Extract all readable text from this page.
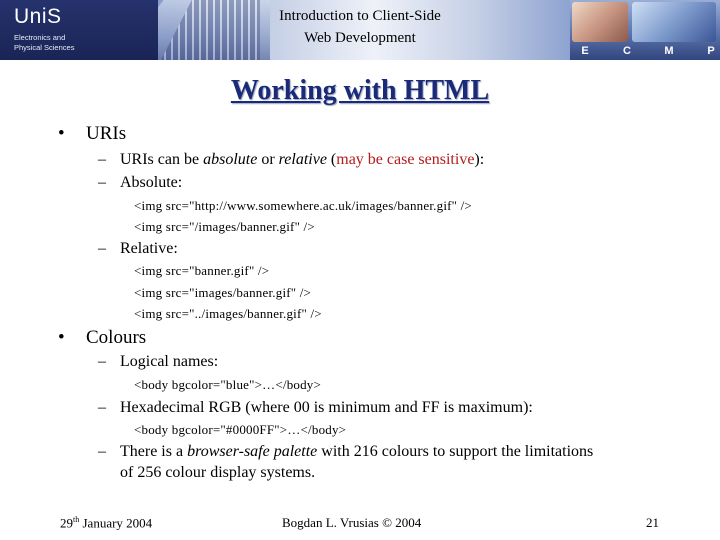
UniS
Electronics and
Physical Sciences
Introduction to Client-Side
Web Development
E	C	M	P
Working with HTML
• URIs
– URIs can be absolute or relative (may be case sensitive):
– Absolute:
<img src="http://www.somewhere.ac.uk/images/banner.gif" />
<img src="/images/banner.gif" />
– Relative:
<img src="banner.gif" />
<img src="images/banner.gif" />
<img src="../images/banner.gif" />
• Colours
– Logical names:
<body bgcolor="blue">…</body>
– Hexadecimal RGB (where 00 is minimum and FF is maximum):
<body bgcolor="#0000FF">…</body>
– There is a browser-safe palette with 216 colours to support the limitations
of 256 colour display systems.
29th January 2004	Bogdan L. Vrusias © 2004	21
